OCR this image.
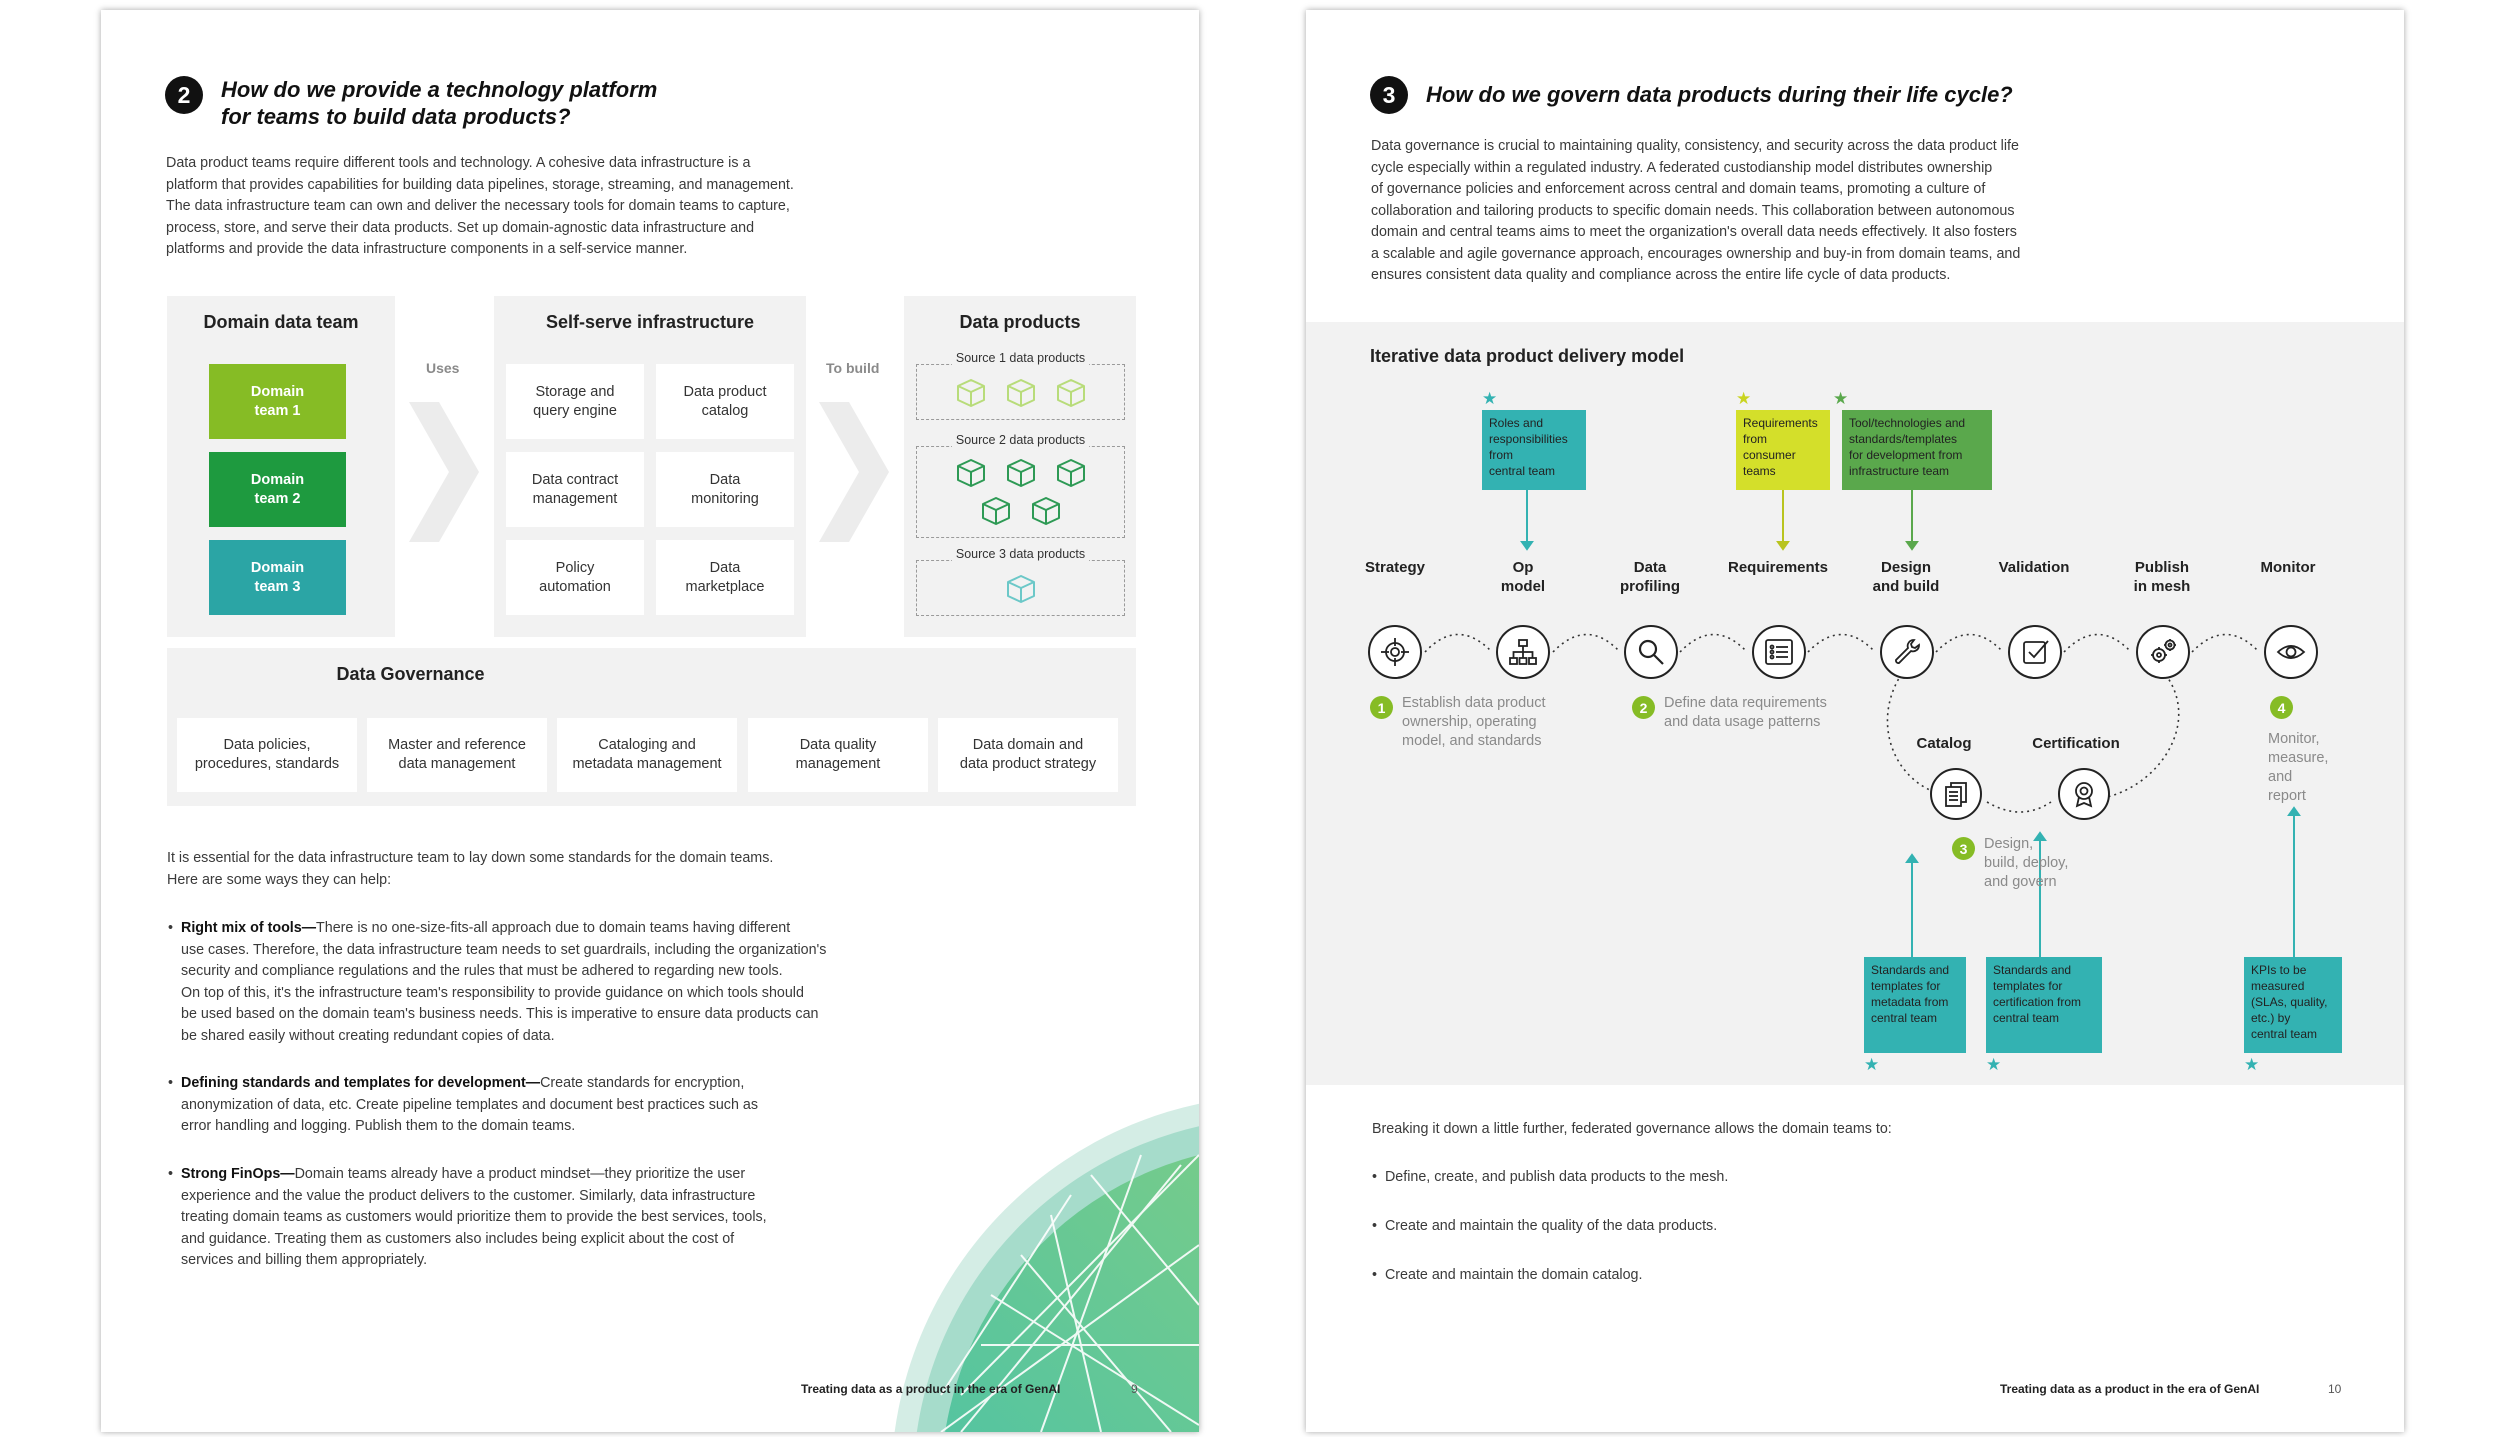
2	How do we provide a technology platform
for teams to build data products?
Data product teams require different tools and technology. A cohesive data infrastructure is a
platform that provides capabilities for building data pipelines, storage, streaming, and management.
The data infrastructure team can own and deliver the necessary tools for domain teams to capture,
process, store, and serve their data products. Set up domain-agnostic data infrastructure and
platforms and provide the data infrastructure components in a self-service manner.
Domain data team
Domain
team 1
Domain
team 2
Domain
team 3
Uses
Self-serve infrastructure
Storage and
query engine
Data product
catalog
Data contract
management
Data
monitoring
Policy
automation
Data
marketplace
To build
Data products
Source 1 data products
Source 2 data products
Source 3 data products
Data Governance
Data policies,
procedures, standards
Master and reference
data management
Cataloging and
metadata management
Data quality
management
Data domain and
data product strategy
It is essential for the data infrastructure team to lay down some standards for the domain teams.
Here are some ways they can help:
• Right mix of tools—There is no one-size-fits-all approach due to domain teams having different
use cases. Therefore, the data infrastructure team needs to set guardrails, including the organization's
security and compliance regulations and the rules that must be adhered to regarding new tools.
On top of this, it's the infrastructure team's responsibility to provide guidance on which tools should
be used based on the domain team's business needs. This is imperative to ensure data products can
be shared easily without creating redundant copies of data.
• Defining standards and templates for development—Create standards for encryption,
anonymization of data, etc. Create pipeline templates and document best practices such as
error handling and logging. Publish them to the domain teams.
• Strong FinOps—Domain teams already have a product mindset—they prioritize the user
experience and the value the product delivers to the customer. Similarly, data infrastructure
treating domain teams as customers would prioritize them to provide the best services, tools,
and guidance. Treating them as customers also includes being explicit about the cost of
services and billing them appropriately.
Treating data as a product in the era of GenAI	9
3	How do we govern data products during their life cycle?
Data governance is crucial to maintaining quality, consistency, and security across the data product life
cycle especially within a regulated industry. A federated custodianship model distributes ownership
of governance policies and enforcement across central and domain teams, promoting a culture of
collaboration and tailoring products to specific domain needs. This collaboration between autonomous
domain and central teams aims to meet the organization's overall data needs effectively. It also fosters
a scalable and agile governance approach, encourages ownership and buy-in from domain teams, and
ensures consistent data quality and compliance across the entire life cycle of data products.
Iterative data product delivery model
★
Roles and
responsibilities
from
central team
★
Requirements
from
consumer
teams
★
Tool/technologies and
standards/templates
for development from
infrastructure team
Strategy	Op
model
Data
profiling
Requirements	Design
and build
Validation	Publish
in mesh
Monitor
Catalog	Certification
1	Establish data product
ownership, operating
model, and standards
2	Define data requirements
and data usage patterns
3	Design,
build, deploy,
and govern
4
Monitor,
measure,
and
report
Standards and
templates for
metadata from
central team
★
Standards and
templates for
certification from
central team
★
KPIs to be
measured
(SLAs, quality,
etc.) by
central team
★
Breaking it down a little further, federated governance allows the domain teams to:
•  Define, create, and publish data products to the mesh.
•  Create and maintain the quality of the data products.
•  Create and maintain the domain catalog.
Treating data as a product in the era of GenAI	10
